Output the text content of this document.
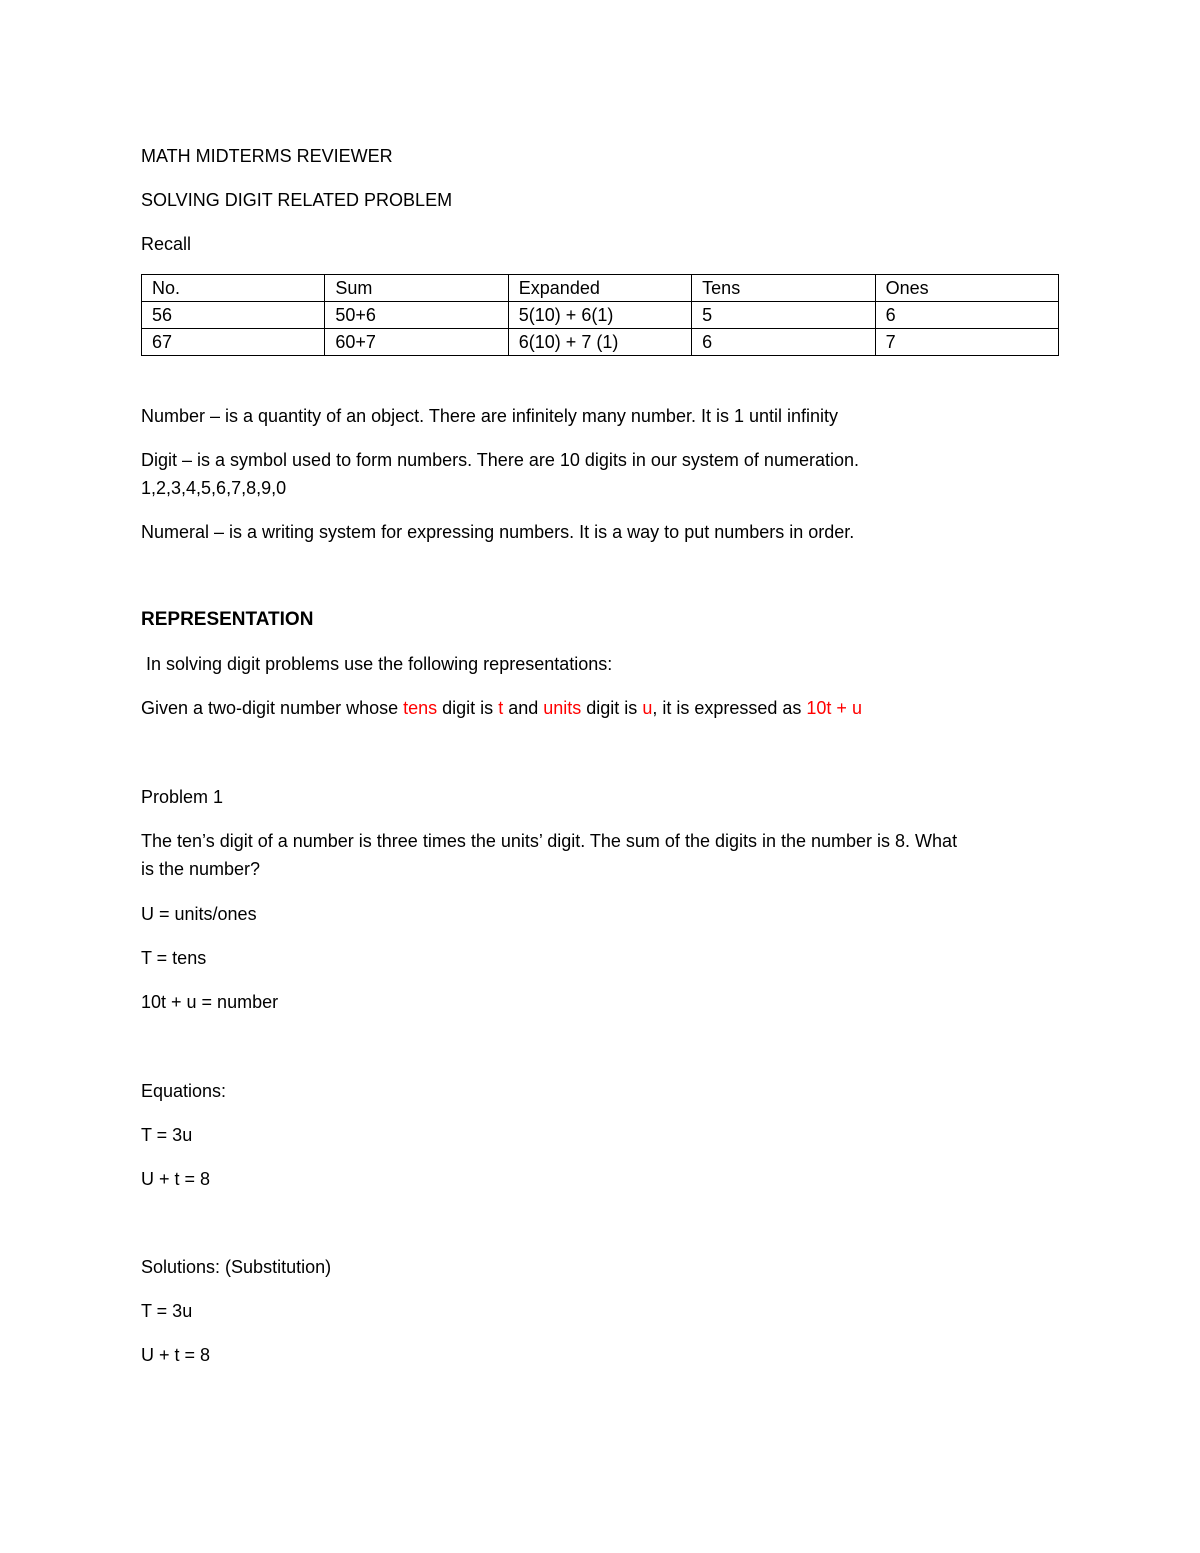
MATH MIDTERMS REVIEWER

SOLVING DIGIT RELATED PROBLEM

Recall

No.	Sum	Expanded	Tens	Ones
56	50+6	5(10) + 6(1)	5	6
67	60+7	6(10) + 7 (1)	6	7

Number – is a quantity of an object. There are infinitely many number. It is 1 until infinity

Digit – is a symbol used to form numbers. There are 10 digits in our system of numeration.

1,2,3,4,5,6,7,8,9,0

Numeral – is a writing system for expressing numbers. It is a way to put numbers in order.

REPRESENTATION

In solving digit problems use the following representations:

Given a two-digit number whose tens digit is t and units digit is u, it is expressed as 10t + u

Problem 1

The ten’s digit of a number is three times the units’ digit. The sum of the digits in the number is 8. What

is the number?

U = units/ones

T = tens

10t + u = number

Equations:

T = 3u

U + t = 8

Solutions: (Substitution)

T = 3u

U + t = 8
